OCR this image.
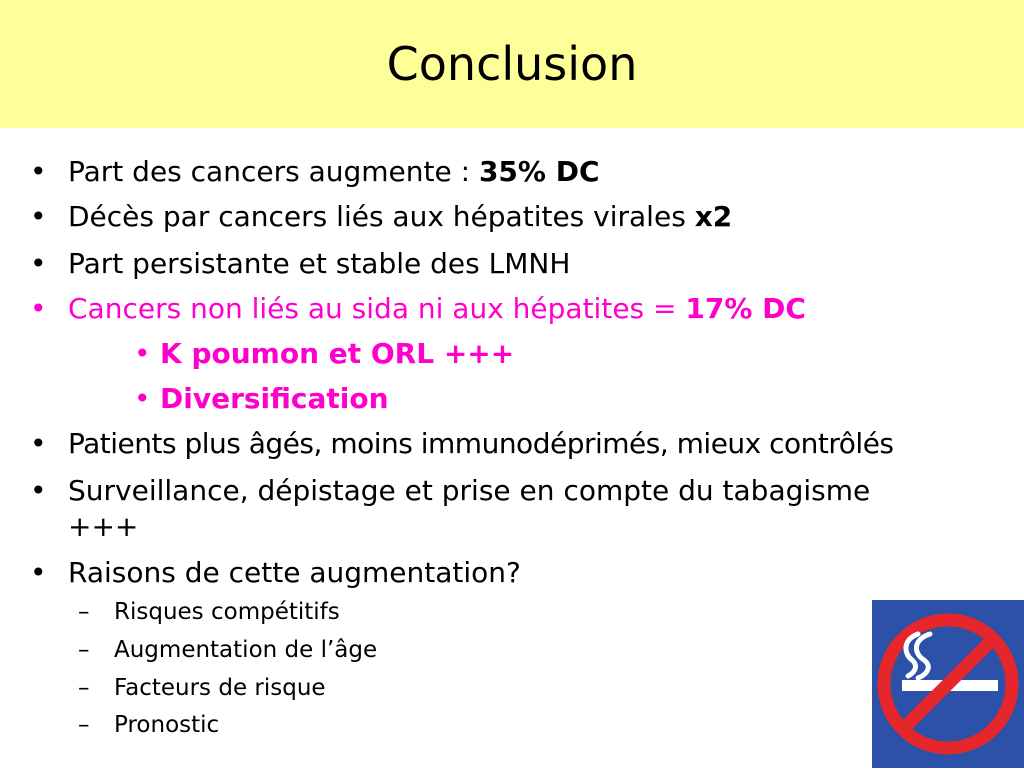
Conclusion
• Part des cancers augmente : 35% DC
• Décès par cancers liés aux hépatites virales x2
• Part persistante et stable des LMNH
• Cancers non liés au sida ni aux hépatites = 17% DC
• K poumon et ORL +++
• Diversification
• Patients plus âgés, moins immunodéprimés, mieux contrôlés
• Surveillance, dépistage et prise en compte du tabagisme
+++
• Raisons de cette augmentation?
– Risques compétitifs
– Augmentation de l’âge
– Facteurs de risque
– Pronostic
